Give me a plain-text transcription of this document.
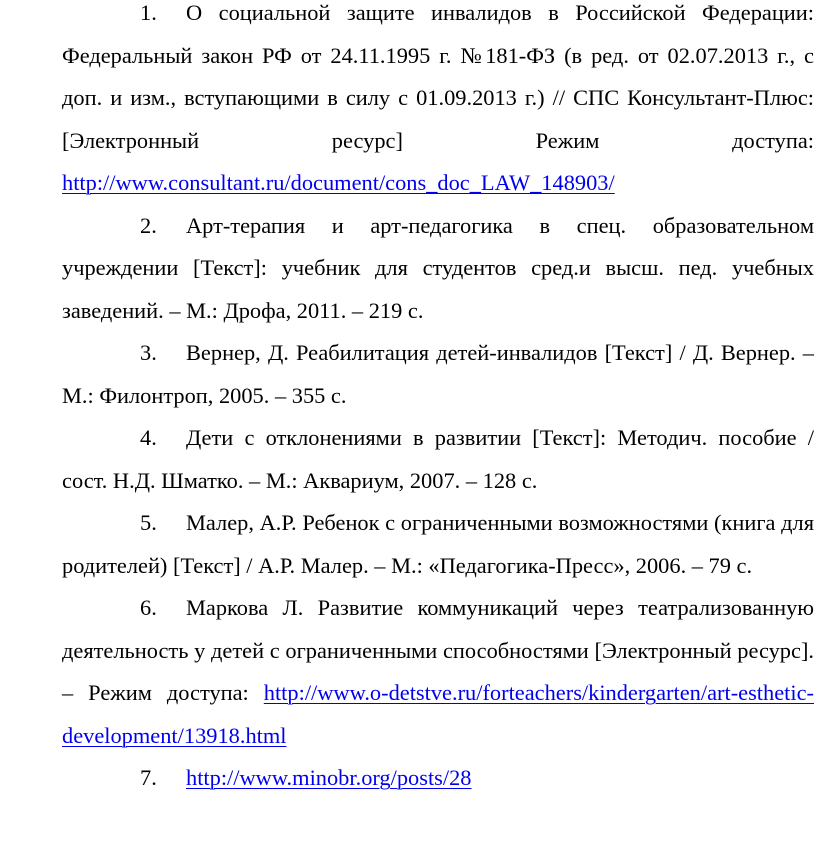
1. О социальной защите инвалидов в Российской Федерации: Федеральный закон РФ от 24.11.1995 г. №181-ФЗ (в ред. от 02.07.2013 г., с доп. и изм., вступающими в силу с 01.09.2013 г.) // СПС Консультант-Плюс: [Электронный ресурс] Режим доступа: http://www.consultant.ru/document/cons_doc_LAW_148903/

2. Арт-терапия и арт-педагогика в спец. образовательном учреждении [Текст]: учебник для студентов сред.и высш. пед. учебных заведений. – М.: Дрофа, 2011. – 219 с.

3. Вернер, Д. Реабилитация детей-инвалидов [Текст] / Д. Вернер. – М.: Филонтроп, 2005. – 355 с.

4. Дети с отклонениями в развитии [Текст]: Методич. пособие / сост. Н.Д. Шматко. – М.: Аквариум, 2007. – 128 с.

5. Малер, А.Р. Ребенок с ограниченными возможностями (книга для родителей) [Текст] / А.Р. Малер. – М.: «Педагогика-Пресс», 2006. – 79 с.

6. Маркова Л. Развитие коммуникаций через театрализованную деятельность у детей с ограниченными способностями [Электронный ресурс]. – Режим доступа: http://www.o-detstve.ru/forteachers/kindergarten/art-esthetic-development/13918.html

7. http://www.minobr.org/posts/28
